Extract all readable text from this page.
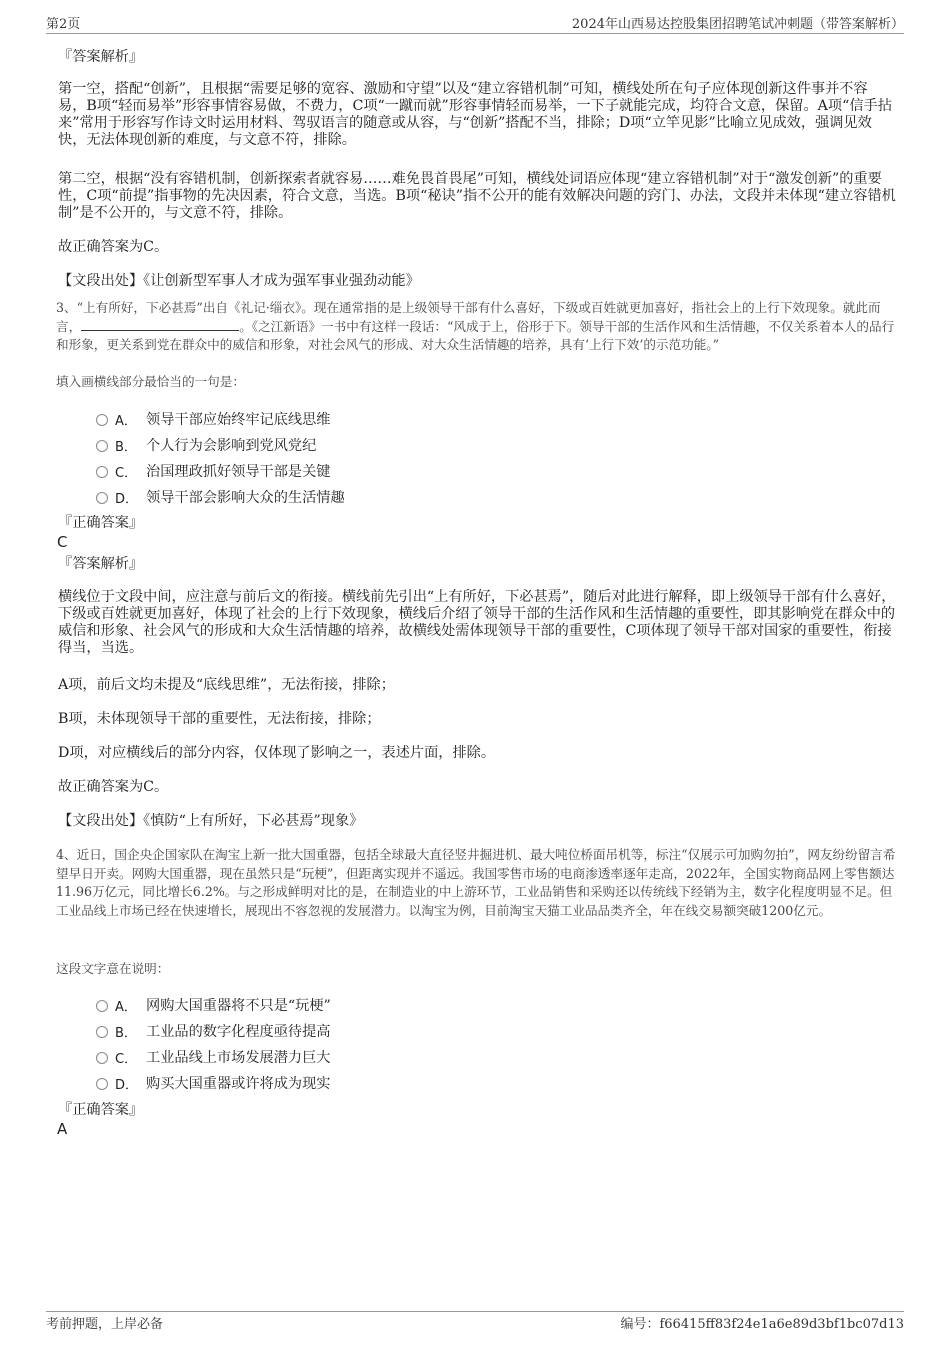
第2页	2024年山西易达控股集团招聘笔试冲刺题（带答案解析）
『答案解析』

第一空，搭配“创新”，且根据“需要足够的宽容、激励和守望”以及“建立容错机制”可知，横线处所在句子应体现创新这件事并不容易，B项“轻而易举”形容事情容易做，不费力，C项“一蹴而就”形容事情轻而易举，一下子就能完成，均符合文意，保留。A项“信手拈来”常用于形容写作诗文时运用材料、驾驭语言的随意或从容，与“创新”搭配不当，排除；D项“立竿见影”比喻立见成效，强调见效快，无法体现创新的难度，与文意不符，排除。

第二空，根据“没有容错机制，创新探索者就容易……难免畏首畏尾”可知，横线处词语应体现“建立容错机制”对于“激发创新”的重要性，C项“前提”指事物的先决因素，符合文意，当选。B项“秘诀”指不公开的能有效解决问题的窍门、办法，文段并未体现“建立容错机制”是不公开的，与文意不符，排除。

故正确答案为C。

【文段出处】《让创新型军事人才成为强军事业强劲动能》

3、“上有所好，下必甚焉”出自《礼记·缁衣》。现在通常指的是上级领导干部有什么喜好，下级或百姓就更加喜好，指社会上的上行下效现象。就此而言，	。《之江新语》一书中有这样一段话：“风成于上，俗形于下。领导干部的生活作风和生活情趣，不仅关系着本人的品行和形象，更关系到党在群众中的威信和形象，对社会风气的形成、对大众生活情趣的培养，具有‘上行下效’的示范功能。”

填入画横线部分最恰当的一句是：

A． 领导干部应始终牢记底线思维
B． 个人行为会影响到党风党纪
C． 治国理政抓好领导干部是关键
D． 领导干部会影响大众的生活情趣
『正确答案』
C
『答案解析』

横线位于文段中间，应注意与前后文的衔接。横线前先引出“上有所好，下必甚焉”，随后对此进行解释，即上级领导干部有什么喜好，下级或百姓就更加喜好，体现了社会的上行下效现象，横线后介绍了领导干部的生活作风和生活情趣的重要性，即其影响党在群众中的威信和形象、社会风气的形成和大众生活情趣的培养，故横线处需体现领导干部的重要性，C项体现了领导干部对国家的重要性，衔接得当，当选。

A项，前后文均未提及“底线思维”，无法衔接，排除；

B项，未体现领导干部的重要性，无法衔接，排除；

D项，对应横线后的部分内容，仅体现了影响之一，表述片面，排除。

故正确答案为C。

【文段出处】《慎防“上有所好，下必甚焉”现象》

4、近日，国企央企国家队在淘宝上新一批大国重器，包括全球最大直径竖井掘进机、最大吨位桥面吊机等，标注“仅展示可加购勿拍”，网友纷纷留言希望早日开卖。网购大国重器，现在虽然只是“玩梗”，但距离实现并不遥远。我国零售市场的电商渗透率逐年走高，2022年，全国实物商品网上零售额达11.96万亿元，同比增长6.2%。与之形成鲜明对比的是，在制造业的中上游环节，工业品销售和采购还以传统线下经销为主，数字化程度明显不足。但工业品线上市场已经在快速增长，展现出不容忽视的发展潜力。以淘宝为例，目前淘宝天猫工业品品类齐全，年在线交易额突破1200亿元。

这段文字意在说明：

A． 网购大国重器将不只是“玩梗”
B． 工业品的数字化程度亟待提高
C． 工业品线上市场发展潜力巨大
D． 购买大国重器或许将成为现实
『正确答案』
A
考前押题，上岸必备	编号：f66415ff83f24e1a6e89d3bf1bc07d13
